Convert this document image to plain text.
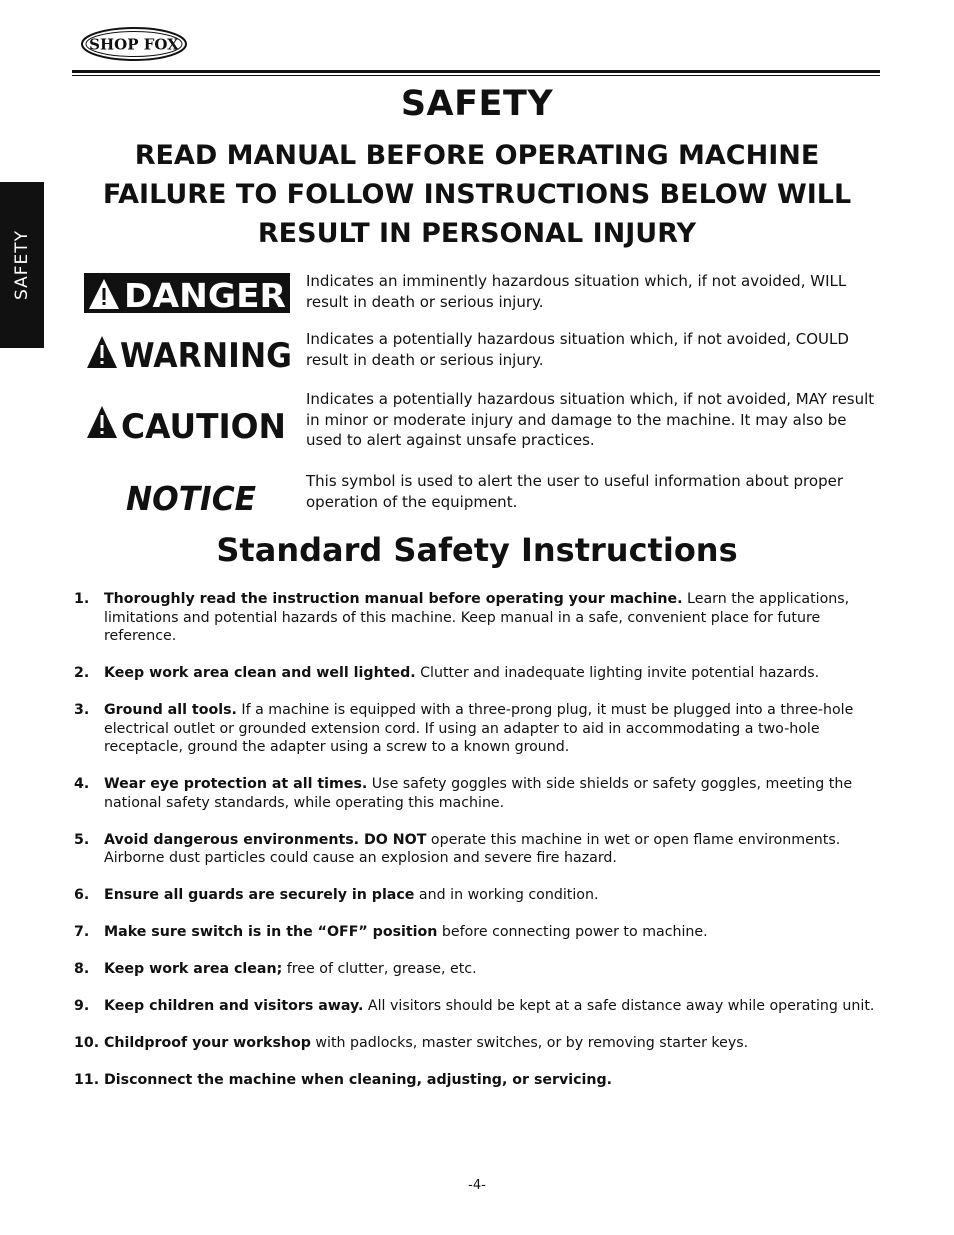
SHOP FOX
SAFETY
SAFETY
READ MANUAL BEFORE OPERATING MACHINE
FAILURE TO FOLLOW INSTRUCTIONS BELOW WILL
RESULT IN PERSONAL INJURY
DANGER Indicates an imminently hazardous situation which, if not avoided, WILL result in death or serious injury.
WARNING Indicates a potentially hazardous situation which, if not avoided, COULD result in death or serious injury.
CAUTION
Indicates a potentially hazardous situation which, if not avoided, MAY result in minor or moderate injury and damage to the machine. It may also be used to alert against unsafe practices.
NOTICE	This symbol is used to alert the user to useful information about proper operation of the equipment.
Standard Safety Instructions
1. Thoroughly read the instruction manual before operating your machine. Learn the applications, limitations and potential hazards of this machine. Keep manual in a safe, convenient place for future reference.
2. Keep work area clean and well lighted. Clutter and inadequate lighting invite potential hazards.
3. Ground all tools. If a machine is equipped with a three-prong plug, it must be plugged into a three-hole electrical outlet or grounded extension cord. If using an adapter to aid in accommodating a two-hole receptacle, ground the adapter using a screw to a known ground.
4. Wear eye protection at all times. Use safety goggles with side shields or safety goggles, meeting the national safety standards, while operating this machine.
5. Avoid dangerous environments. DO NOT operate this machine in wet or open flame environments. Airborne dust particles could cause an explosion and severe fire hazard.
6. Ensure all guards are securely in place and in working condition.
7. Make sure switch is in the “OFF” position before connecting power to machine.
8. Keep work area clean; free of clutter, grease, etc.
9. Keep children and visitors away. All visitors should be kept at a safe distance away while operating unit.
10. Childproof your workshop with padlocks, master switches, or by removing starter keys.
11. Disconnect the machine when cleaning, adjusting, or servicing.
-4-
